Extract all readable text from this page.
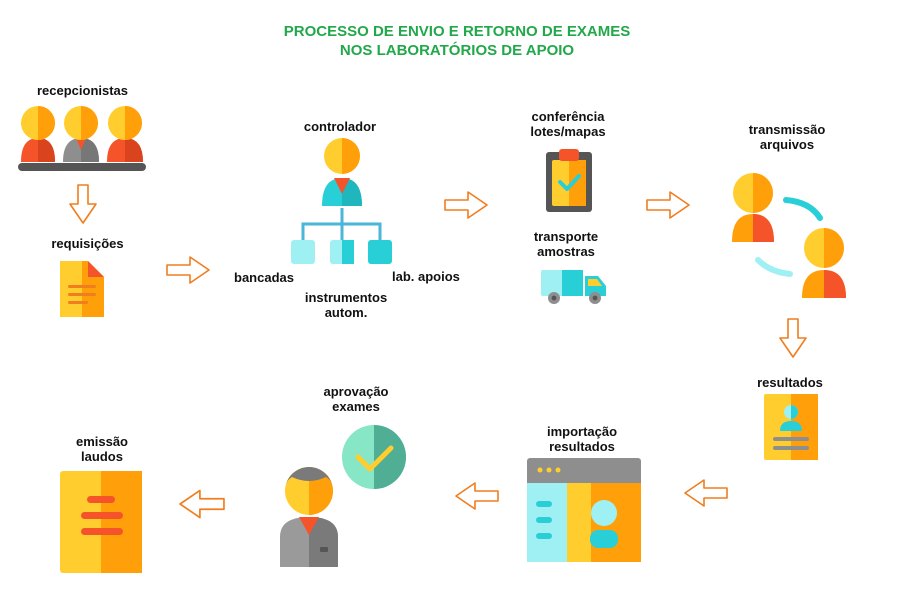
PROCESSO DE ENVIO E RETORNO DE EXAMES
NOS LABORATÓRIOS DE APOIO
recepcionistas
requisições
controlador
bancadas	lab. apoios
instrumentos
autom.
conferência
lotes/mapas
transporte
amostras
transmissão
arquivos
resultados
importação
resultados
aprovação
exames
emissão
laudos
